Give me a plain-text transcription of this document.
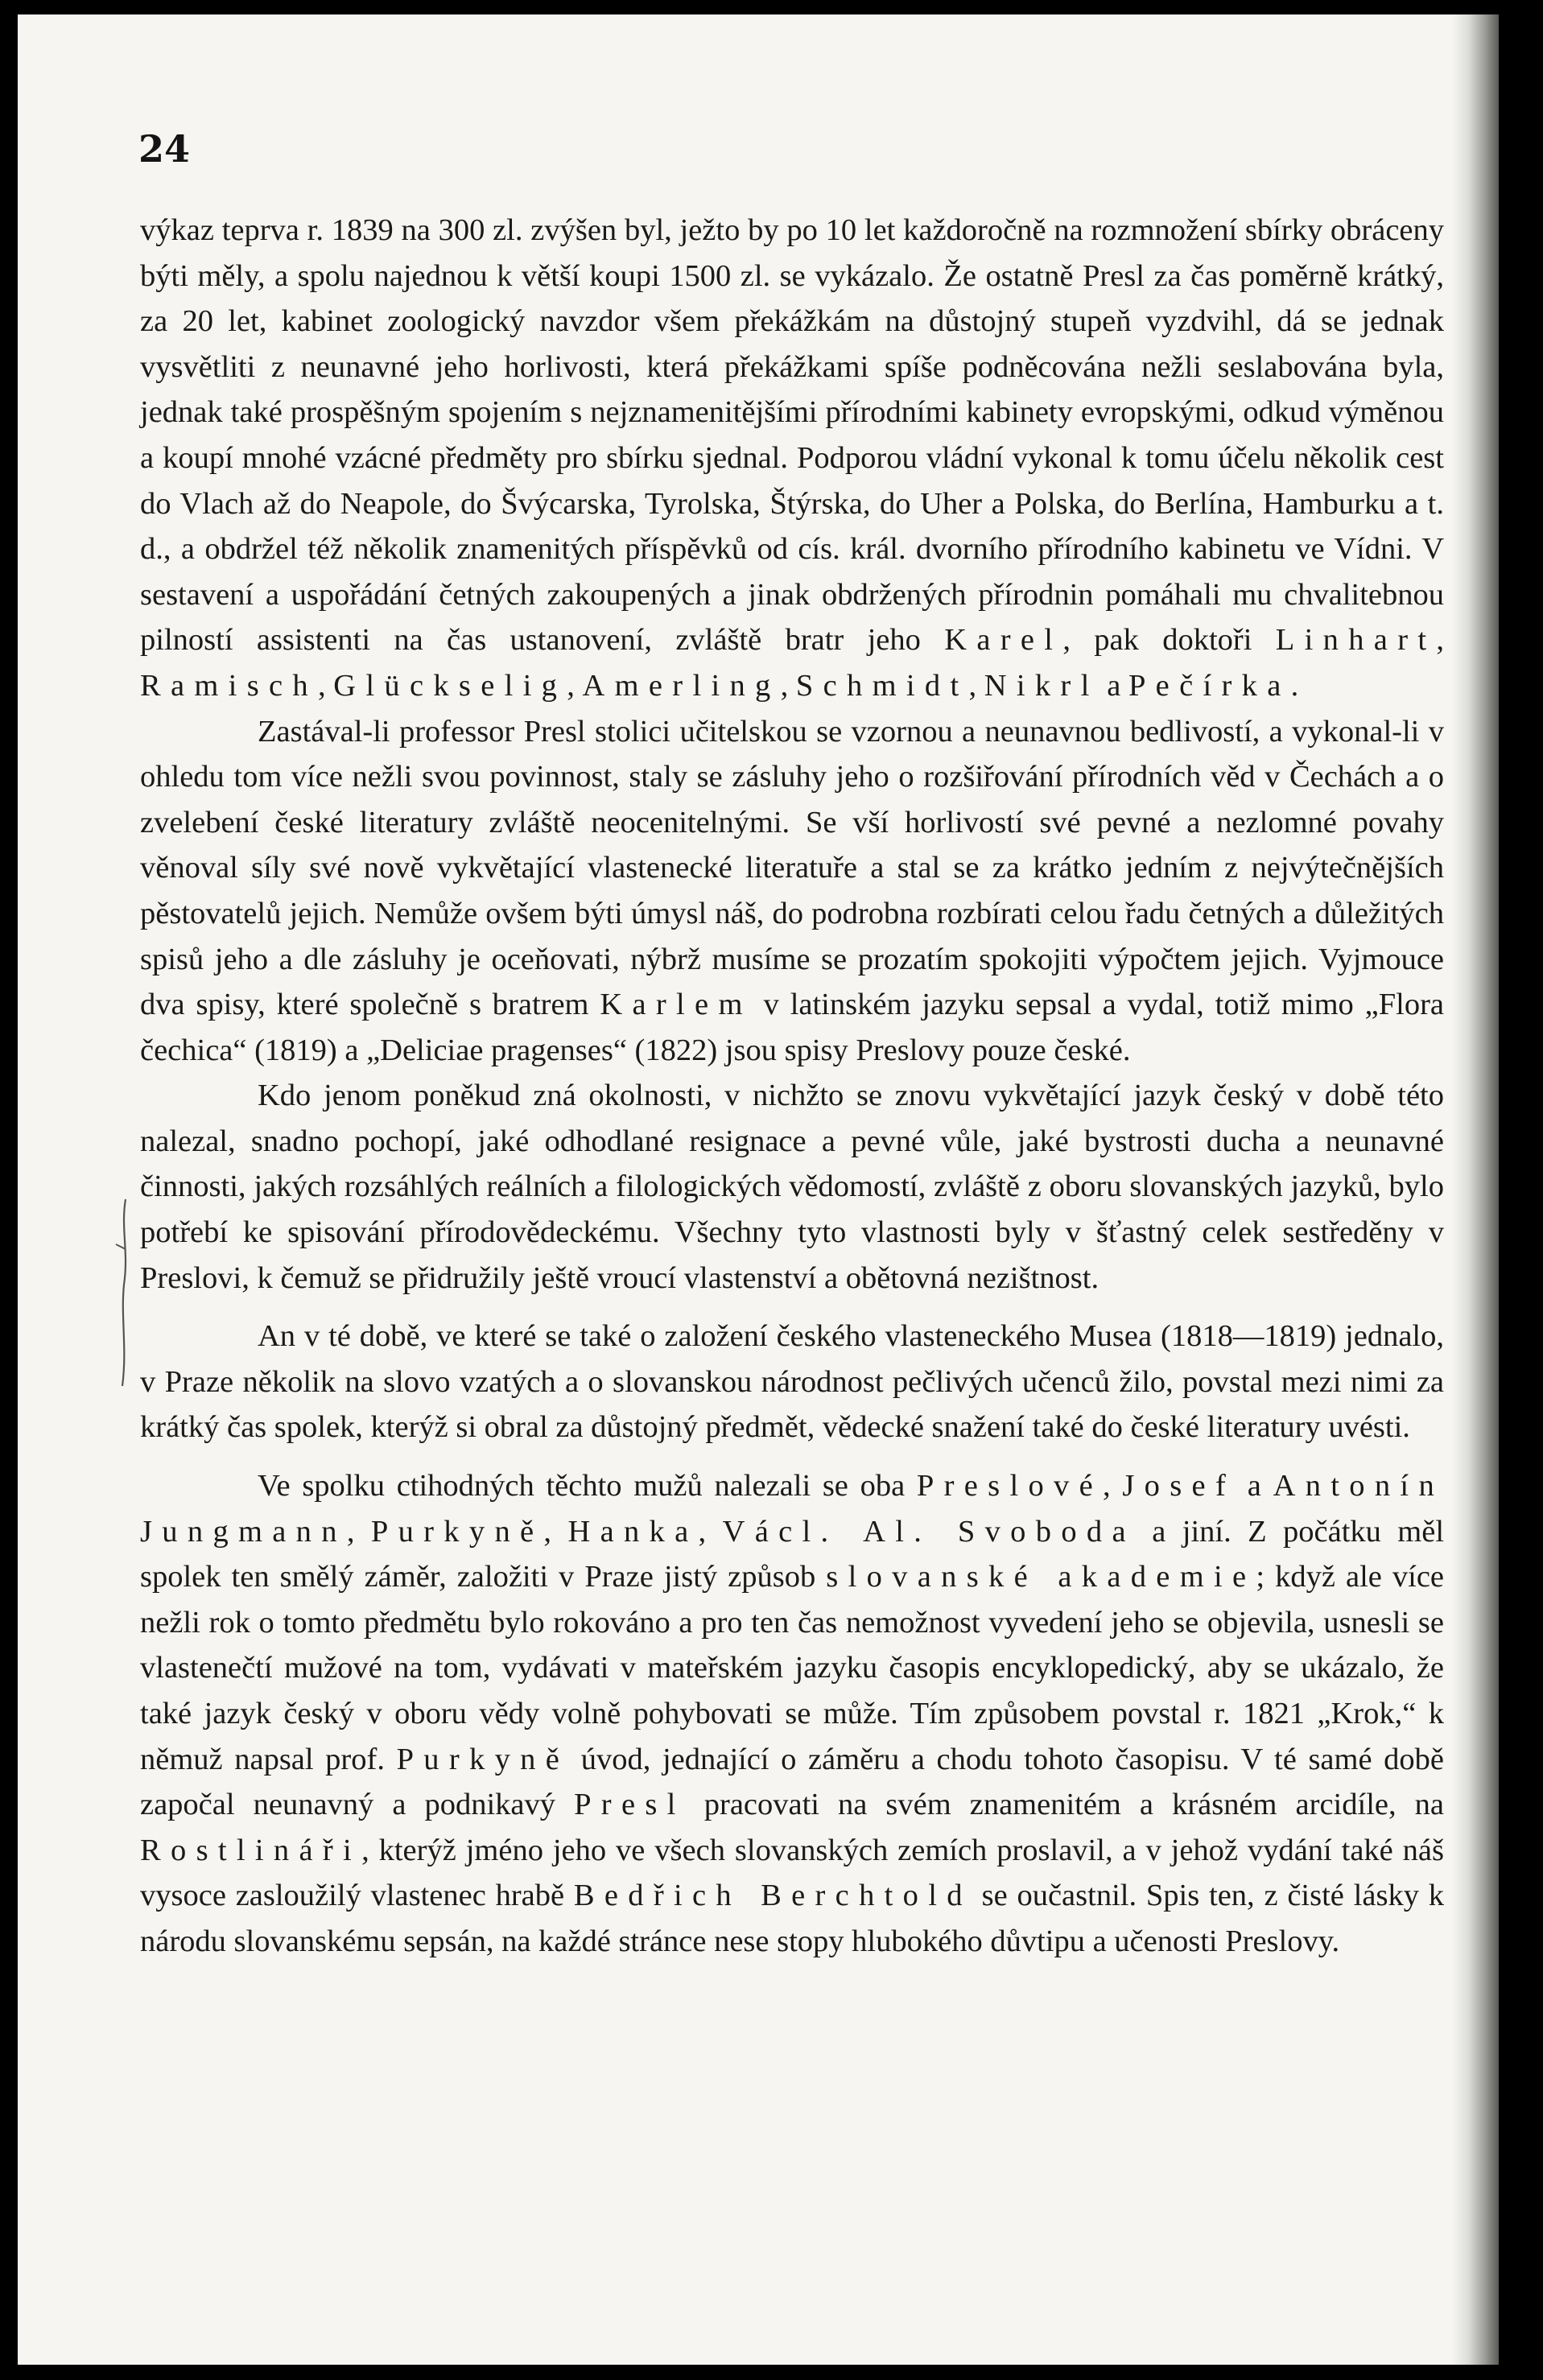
24

výkaz teprva r. 1839 na 300 zl. zvýšen byl, ježto by po 10 let každoročně na rozmnožení sbírky obráceny býti měly, a spolu najednou k větší koupi 1500 zl. se vykázalo. Že ostatně Presl za čas poměrně krátký, za 20 let, kabinet zoologický navzdor všem překážkám na důstojný stupeň vyzdvihl, dá se jednak vysvětliti z neunavné jeho horlivosti, která překážkami spíše podněcována nežli seslabována byla, jednak také prospěšným spojením s nejznamenitějšími přírodními kabinety evropskými, odkud výměnou a koupí mnohé vzácné předměty pro sbírku sjednal. Podporou vládní vykonal k tomu účelu několik cest do Vlach až do Neapole, do Švýcarska, Tyrolska, Štýrska, do Uher a Polska, do Berlína, Hamburku a t. d., a obdržel též několik znamenitých příspěvků od cís. král. dvorního přírodního kabinetu ve Vídni. V sestavení a uspořádání četných zakoupených a jinak obdržených přírodnin pomáhali mu chvalitebnou pilností assistenti na čas ustanovení, zvláště bratr jeho Karel, pak doktoři Linhart, Ramisch, Glückselig, Amerling, Schmidt, Nikrl a Pečírka.

Zastával-li professor Presl stolici učitelskou se vzornou a neunavnou bedlivostí, a vykonal-li v ohledu tom více nežli svou povinnost, staly se zásluhy jeho o rozšiřování přírodních věd v Čechách a o zvelebení české literatury zvláště neocenitelnými. Se vší horlivostí své pevné a nezlomné povahy věnoval síly své nově vykvětající vlastenecké literatuře a stal se za krátko jedním z nejvýtečnějších pěstovatelů jejich. Nemůže ovšem býti úmysl náš, do podrobna rozbírati celou řadu četných a důležitých spisů jeho a dle zásluhy je oceňovati, nýbrž musíme se prozatím spokojiti výpočtem jejich. Vyjmouce dva spisy, které společně s bratrem Karlem v latinském jazyku sepsal a vydal, totiž mimo „Flora čechica“ (1819) a „Deliciae pragenses“ (1822) jsou spisy Preslovy pouze české.

Kdo jenom poněkud zná okolnosti, v nichžto se znovu vykvětající jazyk český v době této nalezal, snadno pochopí, jaké odhodlané resignace a pevné vůle, jaké bystrosti ducha a neunavné činnosti, jakých rozsáhlých reálních a filologických vědomostí, zvláště z oboru slovanských jazyků, bylo potřebí ke spisování přírodovědeckému. Všechny tyto vlastnosti byly v šťastný celek sestředěny v Preslovi, k čemuž se přidružily ještě vroucí vlastenství a obětovná nezištnost.

An v té době, ve které se také o založení českého vlasteneckého Musea (1818—1819) jednalo, v Praze několik na slovo vzatých a o slovanskou národnost pečlivých učenců žilo, povstal mezi nimi za krátký čas spolek, kterýž si obral za důstojný předmět, vědecké snažení také do české literatury uvésti.

Ve spolku ctihodných těchto mužů nalezali se oba Preslové, Josef a Antonín Jungmann, Purkyně, Hanka, Václ. Al. Svoboda a jiní. Z počátku měl spolek ten smělý záměr, založiti v Praze jistý způsob slovanské akademie; když ale více nežli rok o tomto předmětu bylo rokováno a pro ten čas nemožnost vyvedení jeho se objevila, usnesli se vlastenečtí mužové na tom, vydávati v mateřském jazyku časopis encyklopedický, aby se ukázalo, že také jazyk český v oboru vědy volně pohybovati se může. Tím způsobem povstal r. 1821 „Krok,“ k němuž napsal prof. Purkyně úvod, jednající o záměru a chodu tohoto časopisu. V té samé době započal neunavný a podnikavý Presl pracovati na svém znamenitém a krásném arcidíle, na Rostlináři, kterýž jméno jeho ve všech slovanských zemích proslavil, a v jehož vydání také náš vysoce zasloužilý vlastenec hrabě Bedřich Berchtold se oučastnil. Spis ten, z čisté lásky k národu slovanskému sepsán, na každé stránce nese stopy hlubokého důvtipu a učenosti Preslovy.
